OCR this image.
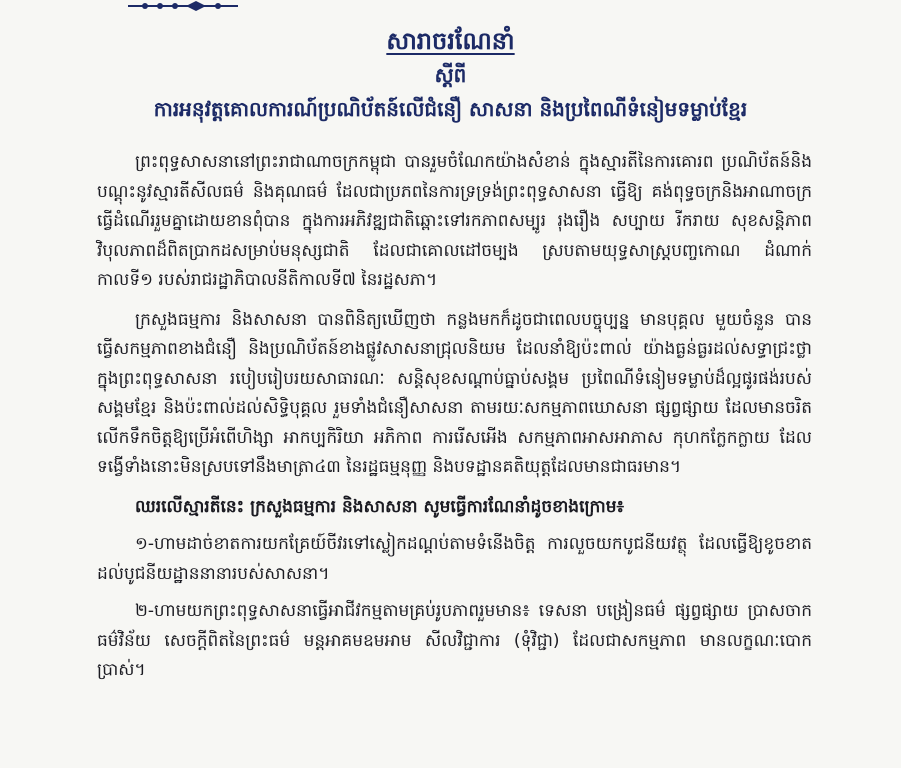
សារាចរណែនាំ
ស្តីពី
ការអនុវត្តគោលការណ៍ប្រណិប័តន៍លើជំនឿ សាសនា និងប្រពៃណីទំនៀមទម្លាប់ខ្មែរ

ព្រះពុទ្ធសាសនានៅព្រះរាជាណាចក្រកម្ពុជា បានរួមចំណែកយ៉ាងសំខាន់ ក្នុងស្មារតីនៃការគោរព ប្រណិប័តន៍និងបណ្តុះនូវស្មារតីសីលធម៌ និងគុណធម៌ ដែលជាប្រភពនៃការទ្រទ្រង់ព្រះពុទ្ធសាសនា ធ្វើឱ្យ គង់ពុទ្ធចក្រនិងអាណាចក្រ ធ្វើដំណើររួមគ្នាដោយខានពុំបាន ក្នុងការអភិវឌ្ឍជាតិឆ្ពោះទៅរកភាពសម្បូរ រុងរឿង សប្បាយ រីករាយ សុខសន្តិភាព វិបុលភាពដ៏ពិតប្រាកដសម្រាប់មនុស្សជាតិ ដែលជាគោលដៅចម្បង ស្របតាមយុទ្ធសាស្ត្របញ្ចកោណ ដំណាក់កាលទី១ របស់រាជរដ្ឋាភិបាលនីតិកាលទី៧ នៃរដ្ឋសភា។

ក្រសួងធម្មការ និងសាសនា បានពិនិត្យឃើញថា កន្លងមកក៏ដូចជាពេលបច្ចុប្បន្ន មានបុគ្គល មួយចំនួន បានធ្វើសកម្មភាពខាងជំនឿ និងប្រណិប័តន៍ខាងផ្លូវសាសនាជ្រុលនិយម ដែលនាំឱ្យប៉ះពាល់ យ៉ាងធ្ងន់ធ្ងរដល់សទ្ធាជ្រះថ្លាក្នុងព្រះពុទ្ធសាសនា របៀបរៀបរយសាធារណៈ សន្តិសុខសណ្តាប់ធ្នាប់សង្គម ប្រពៃណីទំនៀមទម្លាប់ដ៏ល្អផូរផង់របស់សង្គមខ្មែរ និងប៉ះពាល់ដល់សិទ្ធិបុគ្គល រួមទាំងជំនឿសាសនា តាមរយៈសកម្មភាពឃោសនា ផ្សព្វផ្សាយ ដែលមានចរិតលើកទឹកចិត្តឱ្យប្រើអំពើហិង្សា អាកប្បកិរិយា អភិកាព ការរើសអើង សកម្មភាពអាសអាភាស កុហកក្លែកក្លាយ ដែលទង្វើទាំងនោះមិនស្របទៅនឹងមាត្រា៤៣ នៃរដ្ឋធម្មនុញ្ញ និងបទដ្ឋានគតិយុត្តដែលមានជាធរមាន។

ឈរលើស្មារតីនេះ ក្រសួងធម្មការ និងសាសនា សូមធ្វើការណែនាំដូចខាងក្រោម៖

១-ហាមដាច់ខាតការយកគ្រែយ៍ចីវរទៅស្លៀកដណ្តប់តាមទំនើងចិត្ត ការលួចយកបូជនីយវត្ថុ ដែលធ្វើឱ្យខូចខាតដល់បូជនីយដ្ឋាននានារបស់សាសនា។

២-ហាមយកព្រះពុទ្ធសាសនាធ្វើអាជីវកម្មតាមគ្រប់រូបភាពរួមមាន៖ ទេសនា បង្រៀនធម៌ ផ្សព្វផ្សាយ ប្រាសចាកធម៌វិន័យ សេចក្តីពិតនៃព្រះធម៌ មន្តអាគមឧមអាម សីលវិជ្ជាការ (ទុំវិជ្ជា) ដែលជាសកម្មភាព មានលក្ខណៈបោកប្រាស់។
